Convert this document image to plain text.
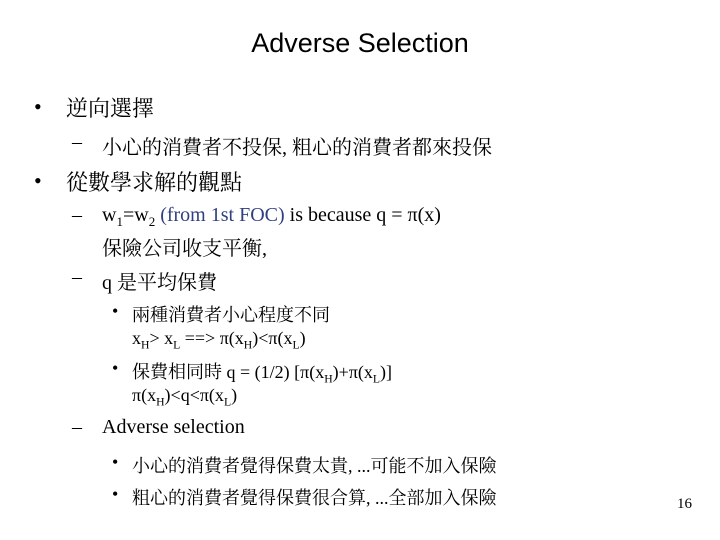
Adverse Selection
• 逆向選擇
– 小心的消費者不投保, 粗心的消費者都來投保
• 從數學求解的觀點
– $w_1=w_2$ (from 1st FOC) is because q = π(x)
保險公司收支平衡,
– q 是平均保費
• 兩種消費者小心程度不同
$x_H> x_L$ ==> $\pi(x_H)<\pi(x_L)$
• 保費相同時 q = (1/2) $[\pi(x_H)+\pi(x_L)]$
$\pi(x_H)<q<\pi(x_L)$
– Adverse selection
• 小心的消費者覺得保費太貴, ...可能不加入保險
• 粗心的消費者覺得保費很合算, ...全部加入保險	16
